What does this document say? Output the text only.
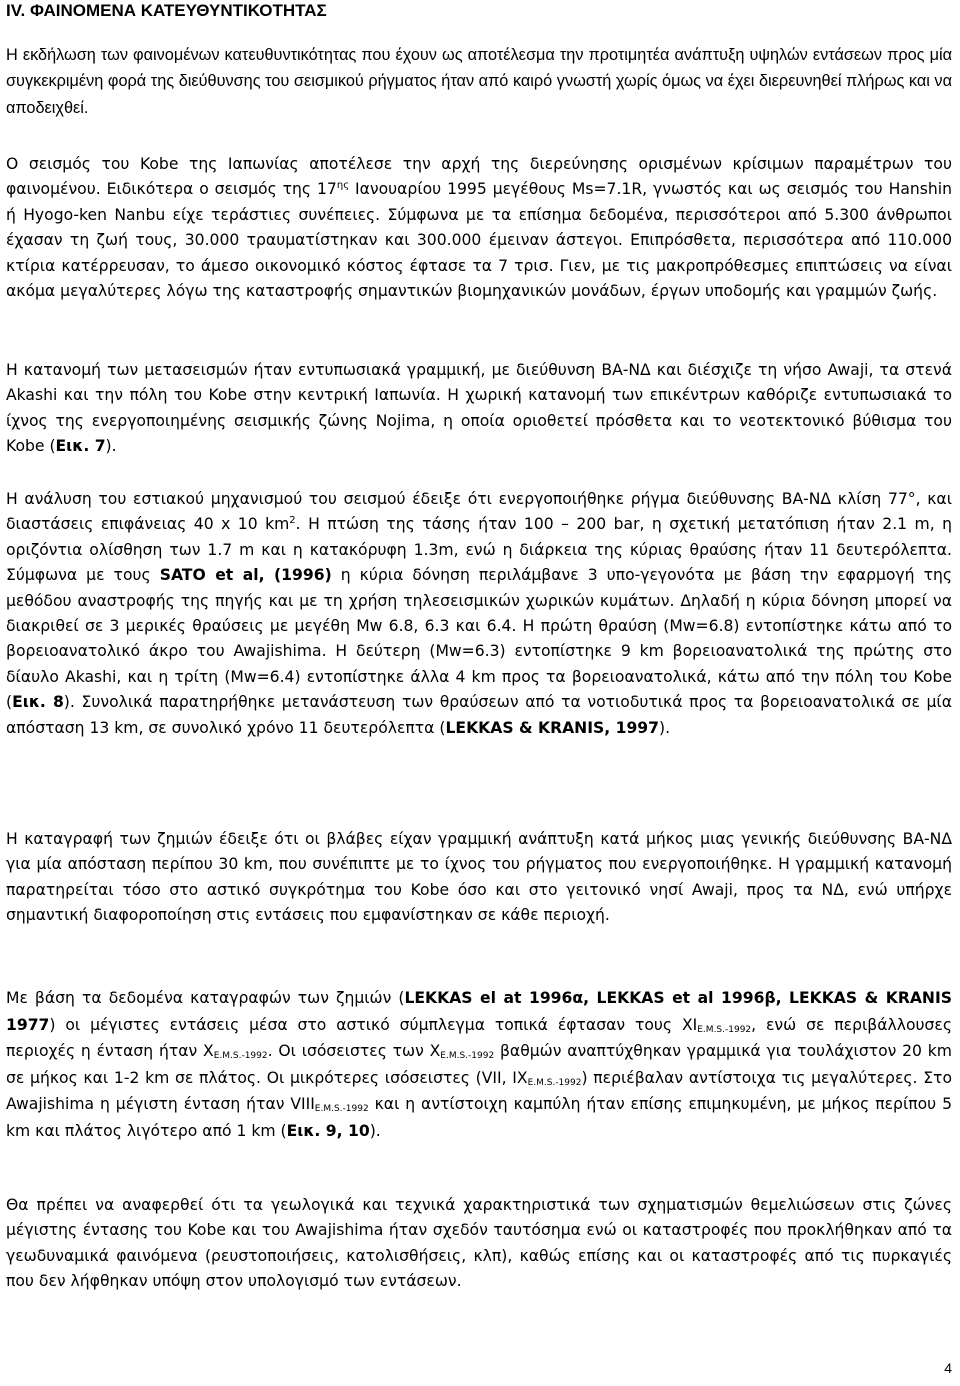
IV. ΦΑΙΝΟΜΕΝΑ ΚΑΤΕΥΘΥΝΤΙΚΟΤΗΤΑΣ

Η εκδήλωση των φαινομένων κατευθυντικότητας που έχουν ως αποτέλεσμα την προτιμητέα ανάπτυξη υψηλών εντάσεων προς μία συγκεκριμένη φορά της διεύθυνσης του σεισμικού ρήγματος ήταν από καιρό γνωστή χωρίς όμως να έχει διερευνηθεί πλήρως και να αποδειχθεί.

Ο σεισμός του Kobe της Ιαπωνίας αποτέλεσε την αρχή της διερεύνησης ορισμένων κρίσιμων παραμέτρων του φαινομένου. Ειδικότερα ο σεισμός της $17^{\eta\varsigma}$ Ιανουαρίου 1995 μεγέθους Ms=7.1R, γνωστός και ως σεισμός του Hanshin ή Hyogo-ken Nanbu είχε τεράστιες συνέπειες. Σύμφωνα με τα επίσημα δεδομένα, περισσότεροι από 5.300 άνθρωποι έχασαν τη ζωή τους, 30.000 τραυματίστηκαν και 300.000 έμειναν άστεγοι. Επιπρόσθετα, περισσότερα από 110.000 κτίρια κατέρρευσαν, το άμεσο οικονομικό κόστος έφτασε τα 7 τρισ. Γιεν, με τις μακροπρόθεσμες επιπτώσεις να είναι ακόμα μεγαλύτερες λόγω της καταστροφής σημαντικών βιομηχανικών μονάδων, έργων υποδομής και γραμμών ζωής.

Η κατανομή των μετασεισμών ήταν εντυπωσιακά γραμμική, με διεύθυνση ΒΑ-ΝΔ και διέσχιζε τη νήσο Awaji, τα στενά Akashi και την πόλη του Kobe στην κεντρική Ιαπωνία. Η χωρική κατανομή των επικέντρων καθόριζε εντυπωσιακά το ίχνος της ενεργοποιημένης σεισμικής ζώνης Nojima, η οποία οριοθετεί πρόσθετα και το νεοτεκτονικό βύθισμα του Kobe (Εικ. 7).

Η ανάλυση του εστιακού μηχανισμού του σεισμού έδειξε ότι ενεργοποιήθηκε ρήγμα διεύθυνσης ΒΑ-ΝΔ κλίση 77°, και διαστάσεις επιφάνειας 40 x 10 $km^2$. Η πτώση της τάσης ήταν 100 – 200 bar, η σχετική μετατόπιση ήταν 2.1 m, η οριζόντια ολίσθηση των 1.7 m και η κατακόρυφη 1.3m, ενώ η διάρκεια της κύριας θραύσης ήταν 11 δευτερόλεπτα. Σύμφωνα με τους SATO et al, (1996) η κύρια δόνηση περιλάμβανε 3 υπο-γεγονότα με βάση την εφαρμογή της μεθόδου αναστροφής της πηγής και με τη χρήση τηλεσεισμικών χωρικών κυμάτων. Δηλαδή η κύρια δόνηση μπορεί να διακριθεί σε 3 μερικές θραύσεις με μεγέθη Mw 6.8, 6.3 και 6.4. Η πρώτη θραύση (Mw=6.8) εντοπίστηκε κάτω από το βορειοανατολικό άκρο του Awajishima. Η δεύτερη (Mw=6.3) εντοπίστηκε 9 km βορειοανατολικά της πρώτης στο δίαυλο Akashi, και η τρίτη (Mw=6.4) εντοπίστηκε άλλα 4 km προς τα βορειοανατολικά, κάτω από την πόλη του Kobe (Εικ. 8). Συνολικά παρατηρήθηκε μετανάστευση των θραύσεων από τα νοτιοδυτικά προς τα βορειοανατολικά σε μία απόσταση 13 km, σε συνολικό χρόνο 11 δευτερόλεπτα (LEKKAS & KRANIS, 1997).

Η καταγραφή των ζημιών έδειξε ότι οι βλάβες είχαν γραμμική ανάπτυξη κατά μήκος μιας γενικής διεύθυνσης ΒΑ-ΝΔ για μία απόσταση περίπου 30 km, που συνέπιπτε με το ίχνος του ρήγματος που ενεργοποιήθηκε. Η γραμμική κατανομή παρατηρείται τόσο στο αστικό συγκρότημα του Kobe όσο και στο γειτονικό νησί Awaji, προς τα ΝΔ, ενώ υπήρχε σημαντική διαφοροποίηση στις εντάσεις που εμφανίστηκαν σε κάθε περιοχή.

Με βάση τα δεδομένα καταγραφών των ζημιών (LEKKAS el at 1996α, LEKKAS et al 1996β, LEKKAS & KRANIS 1977) οι μέγιστες εντάσεις μέσα στο αστικό σύμπλεγμα τοπικά έφτασαν τους $XI_{E.M.S.-1992}$, ενώ σε περιβάλλουσες περιοχές η ένταση ήταν $X_{E.M.S.-1992}$. Οι ισόσειστες των $X_{E.M.S.-1992}$ βαθμών αναπτύχθηκαν γραμμικά για τουλάχιστον 20 km σε μήκος και 1-2 km σε πλάτος. Οι μικρότερες ισόσειστες (VII, $IX_{E.M.S.-1992}$) περιέβαλαν αντίστοιχα τις μεγαλύτερες. Στο Awajishima η μέγιστη ένταση ήταν $VIII_{E.M.S.-1992}$ και η αντίστοιχη καμπύλη ήταν επίσης επιμηκυμένη, με μήκος περίπου 5 km και πλάτος λιγότερο από 1 km (Εικ. 9, 10).

Θα πρέπει να αναφερθεί ότι τα γεωλογικά και τεχνικά χαρακτηριστικά των σχηματισμών θεμελιώσεων στις ζώνες μέγιστης έντασης του Kobe και του Awajishima ήταν σχεδόν ταυτόσημα ενώ οι καταστροφές που προκλήθηκαν από τα γεωδυναμικά φαινόμενα (ρευστοποιήσεις, κατολισθήσεις, κλπ), καθώς επίσης και οι καταστροφές από τις πυρκαγιές που δεν λήφθηκαν υπόψη στον υπολογισμό των εντάσεων.

4
